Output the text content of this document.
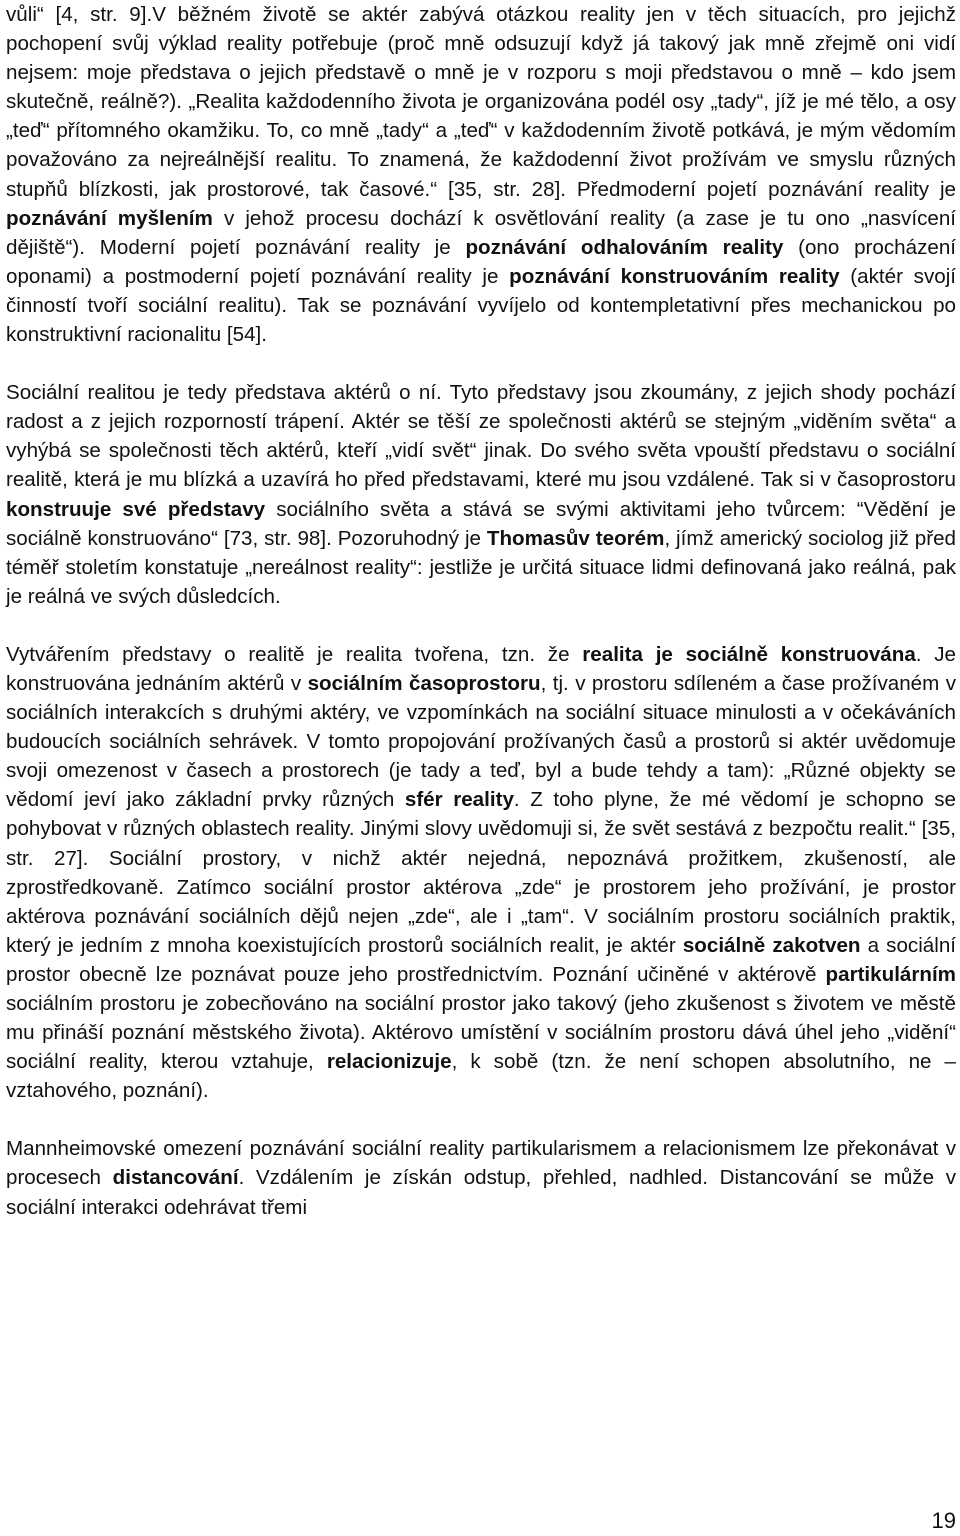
vůli“ [4, str. 9].V běžném životě se aktér zabývá otázkou reality jen v těch situacích, pro jejichž pochopení svůj výklad reality potřebuje (proč mně odsuzují když já takový jak mně zřejmě oni vidí nejsem: moje představa o jejich představě o mně je v rozporu s moji představou o mně – kdo jsem skutečně, reálně?). „Realita každodenního života je organizována podél osy „tady“, jíž je mé tělo, a osy „teď“ přítomného okamžiku. To, co mně „tady“ a „teď“ v každodenním životě potkává, je mým vědomím považováno za nejreálnější realitu. To znamená, že každodenní život prožívám ve smyslu různých stupňů blízkosti, jak prostorové, tak časové.“ [35, str. 28]. Předmoderní pojetí poznávání reality je poznávání myšlením v jehož procesu dochází k osvětlování reality (a zase je tu ono „nasvícení dějiště“). Moderní pojetí poznávání reality je poznávání odhalováním reality (ono procházení oponami) a postmoderní pojetí poznávání reality je poznávání konstruováním reality (aktér svojí činností tvoří sociální realitu). Tak se poznávání vyvíjelo od kontempletativní přes mechanickou po konstruktivní racionalitu [54].

Sociální realitou je tedy představa aktérů o ní. Tyto představy jsou zkoumány, z jejich shody pochází radost a z jejich rozporností trápení. Aktér se těší ze společnosti aktérů se stejným „viděním světa“ a vyhýbá se společnosti těch aktérů, kteří „vidí svět“ jinak. Do svého světa vpouští představu o sociální realitě, která je mu blízká a uzavírá ho před představami, které mu jsou vzdálené. Tak si v časoprostoru konstruuje své představy sociálního světa a stává se svými aktivitami jeho tvůrcem: “Vědění je sociálně konstruováno“ [73, str. 98]. Pozoruhodný je Thomasův teorém, jímž americký sociolog již před téměř stoletím konstatuje „nereálnost reality“: jestliže je určitá situace lidmi definovaná jako reálná, pak je reálná ve svých důsledcích.

Vytvářením představy o realitě je realita tvořena, tzn. že realita je sociálně konstruována. Je konstruována jednáním aktérů v sociálním časoprostoru, tj. v prostoru sdíleném a čase prožívaném v sociálních interakcích s druhými aktéry, ve vzpomínkách na sociální situace minulosti a v očekáváních budoucích sociálních sehrávek. V tomto propojování prožívaných časů a prostorů si aktér uvědomuje svoji omezenost v časech a prostorech (je tady a teď, byl a bude tehdy a tam): „Různé objekty se vědomí jeví jako základní prvky různých sfér reality. Z toho plyne, že mé vědomí je schopno se pohybovat v různých oblastech reality. Jinými slovy uvědomuji si, že svět sestává z bezpočtu realit.“ [35, str. 27]. Sociální prostory, v nichž aktér nejedná, nepoznává prožitkem, zkušeností, ale zprostředkovaně. Zatímco sociální prostor aktérova „zde“ je prostorem jeho prožívání, je prostor aktérova poznávání sociálních dějů nejen „zde“, ale i „tam“. V sociálním prostoru sociálních praktik, který je jedním z mnoha koexistujících prostorů sociálních realit, je aktér sociálně zakotven a sociální prostor obecně lze poznávat pouze jeho prostřednictvím. Poznání učiněné v aktérově partikulárním sociálním prostoru je zobecňováno na sociální prostor jako takový (jeho zkušenost s životem ve městě mu přináší poznání městského života). Aktérovo umístění v sociálním prostoru dává úhel jeho „vidění“ sociální reality, kterou vztahuje, relacionizuje, k sobě (tzn. že není schopen absolutního, ne – vztahového, poznání).

Mannheimovské omezení poznávání sociální reality partikularismem a relacionismem lze překonávat v procesech distancování. Vzdálením je získán odstup, přehled, nadhled. Distancování se může v sociální interakci odehrávat třemi

19
